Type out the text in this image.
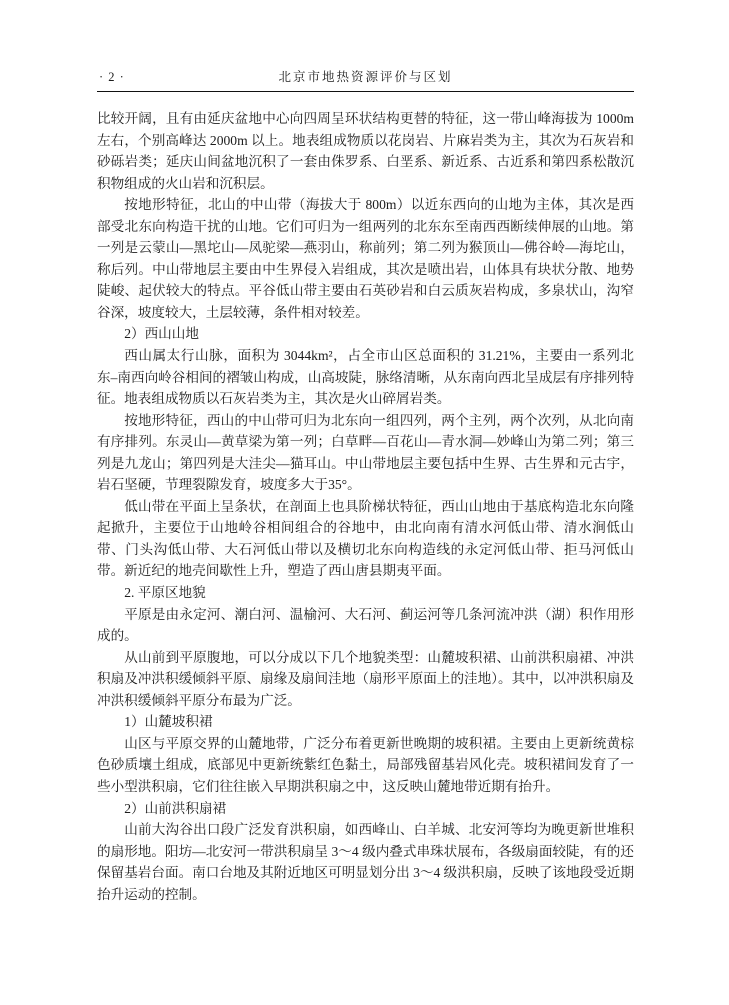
· 2 ·	北京市地热资源评价与区划

比较开阔，且有由延庆盆地中心向四周呈环状结构更替的特征，这一带山峰海拔为 1000m 左右，个别高峰达 2000m 以上。地表组成物质以花岗岩、片麻岩类为主，其次为石灰岩和砂砾岩类；延庆山间盆地沉积了一套由侏罗系、白垩系、新近系、古近系和第四系松散沉积物组成的火山岩和沉积层。

按地形特征，北山的中山带（海拔大于 800m）以近东西向的山地为主体，其次是西部受北东向构造干扰的山地。它们可归为一组两列的北东东至南西西断续伸展的山地。第一列是云蒙山—黑坨山—凤驼梁—燕羽山，称前列；第二列为猴顶山—佛谷岭—海坨山，称后列。中山带地层主要由中生界侵入岩组成，其次是喷出岩，山体具有块状分散、地势陡峻、起伏较大的特点。平谷低山带主要由石英砂岩和白云质灰岩构成，多泉状山，沟窄谷深，坡度较大，土层较薄，条件相对较差。

2）西山山地

西山属太行山脉，面积为 3044km²，占全市山区总面积的 31.21%，主要由一系列北东–南西向岭谷相间的褶皱山构成，山高坡陡，脉络清晰，从东南向西北呈成层有序排列特征。地表组成物质以石灰岩类为主，其次是火山碎屑岩类。

按地形特征，西山的中山带可归为北东向一组四列，两个主列，两个次列，从北向南有序排列。东灵山—黄草梁为第一列；白草畔—百花山—青水洞—妙峰山为第二列；第三列是九龙山；第四列是大洼尖—猫耳山。中山带地层主要包括中生界、古生界和元古宇，岩石坚硬，节理裂隙发育，坡度多大于35°。

低山带在平面上呈条状，在剖面上也具阶梯状特征，西山山地由于基底构造北东向隆起掀升，主要位于山地岭谷相间组合的谷地中，由北向南有清水河低山带、清水涧低山带、门头沟低山带、大石河低山带以及横切北东向构造线的永定河低山带、拒马河低山带。新近纪的地壳间歇性上升，塑造了西山唐县期夷平面。

2. 平原区地貌

平原是由永定河、潮白河、温榆河、大石河、蓟运河等几条河流冲洪（湖）积作用形成的。

从山前到平原腹地，可以分成以下几个地貌类型：山麓坡积裙、山前洪积扇裙、冲洪积扇及冲洪积缓倾斜平原、扇缘及扇间洼地（扇形平原面上的洼地）。其中，以冲洪积扇及冲洪积缓倾斜平原分布最为广泛。

1）山麓坡积裙

山区与平原交界的山麓地带，广泛分布着更新世晚期的坡积裙。主要由上更新统黄棕色砂质壤土组成，底部见中更新统紫红色黏土，局部残留基岩风化壳。坡积裙间发育了一些小型洪积扇，它们往往嵌入早期洪积扇之中，这反映山麓地带近期有抬升。

2）山前洪积扇裙

山前大沟谷出口段广泛发育洪积扇，如西峰山、白羊城、北安河等均为晚更新世堆积的扇形地。阳坊—北安河一带洪积扇呈 3～4 级内叠式串珠状展布，各级扇面较陡，有的还保留基岩台面。南口台地及其附近地区可明显划分出 3～4 级洪积扇，反映了该地段受近期抬升运动的控制。
